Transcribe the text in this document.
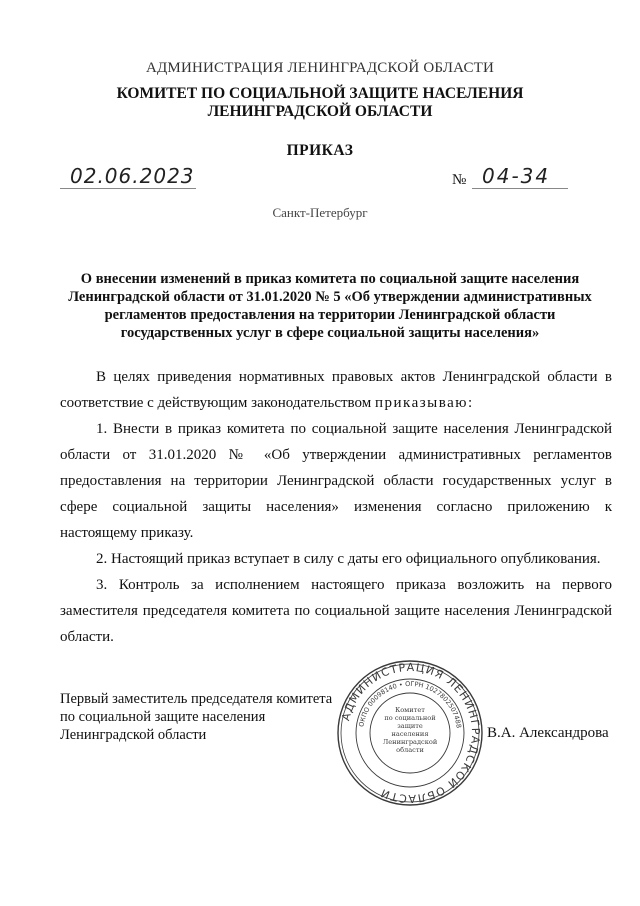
АДМИНИСТРАЦИЯ ЛЕНИНГРАДСКОЙ ОБЛАСТИ
КОМИТЕТ ПО СОЦИАЛЬНОЙ ЗАЩИТЕ НАСЕЛЕНИЯ
ЛЕНИНГРАДСКОЙ ОБЛАСТИ
ПРИКАЗ
02.06.2023	№ 04-34
Санкт-Петербург
О внесении изменений в приказ комитета по социальной защите населения Ленинградской области от 31.01.2020 № 5 «Об утверждении административных регламентов предоставления на территории Ленинградской области государственных услуг в сфере социальной защиты населения»

В целях приведения нормативных правовых актов Ленинградской области в соответствие с действующим законодательством приказываю:

1. Внести в приказ комитета по социальной защите населения Ленинградской области от 31.01.2020 № «Об утверждении административных регламентов предоставления на территории Ленинградской области государственных услуг в сфере социальной защиты населения» изменения согласно приложению к настоящему приказу.

2. Настоящий приказ вступает в силу с даты его официального опубликования.

3. Контроль за исполнением настоящего приказа возложить на первого заместителя председателя комитета по социальной защите населения Ленинградской области.

Первый заместитель председателя комитета
по социальной защите населения
Ленинградской области
АДМИНИСТРАЦИЯ ЛЕНИНГРАДСКОЙ ОБЛАСТИ
ОКПО 00098140 • ОГРН 1027802507488
Комитет
по социальной
защите
населения
Ленинградской
области
В.А. Александрова
